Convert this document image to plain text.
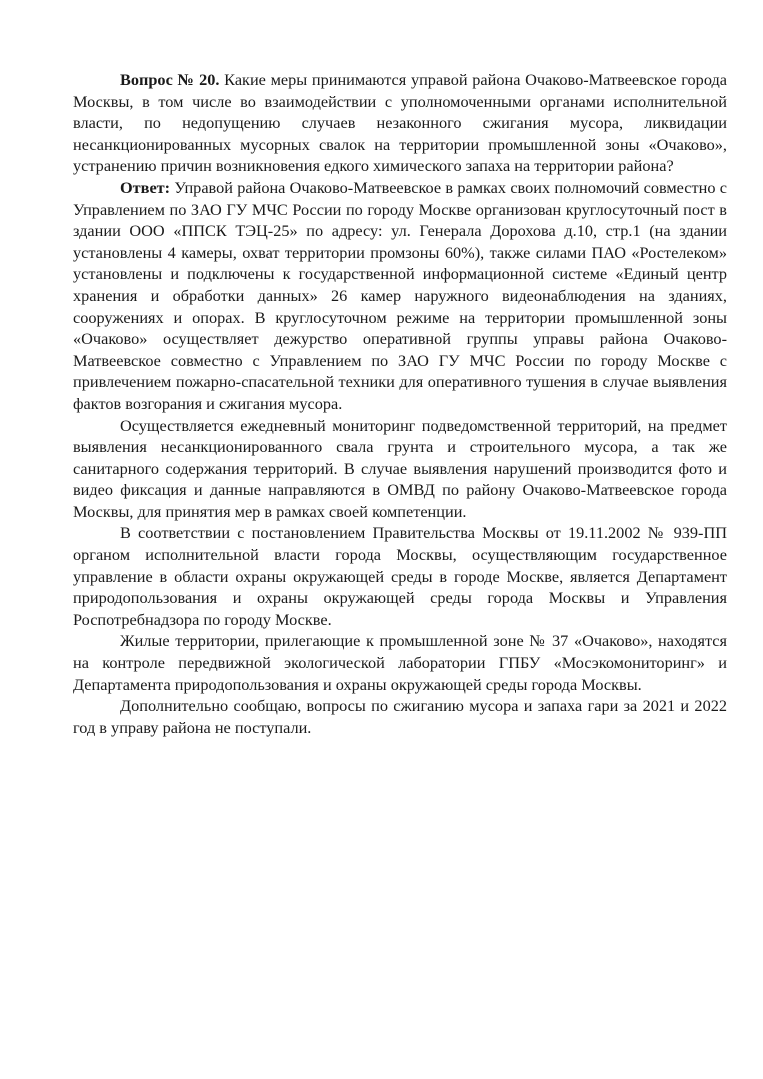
Вопрос № 20. Какие меры принимаются управой района Очаково-Матвеевское города Москвы, в том числе во взаимодействии с уполномоченными органами исполнительной власти, по недопущению случаев незаконного сжигания мусора, ликвидации несанкционированных мусорных свалок на территории промышленной зоны «Очаково», устранению причин возникновения едкого химического запаха на территории района?

Ответ: Управой района Очаково-Матвеевское в рамках своих полномочий совместно с Управлением по ЗАО ГУ МЧС России по городу Москве организован круглосуточный пост в здании ООО «ППСК ТЭЦ-25» по адресу: ул. Генерала Дорохова д.10, стр.1 (на здании установлены 4 камеры, охват территории промзоны 60%), также силами ПАО «Ростелеком» установлены и подключены к государственной информационной системе «Единый центр хранения и обработки данных» 26 камер наружного видеонаблюдения на зданиях, сооружениях и опорах. В круглосуточном режиме на территории промышленной зоны «Очаково» осуществляет дежурство оперативной группы управы района Очаково-Матвеевское совместно с Управлением по ЗАО ГУ МЧС России по городу Москве с привлечением пожарно-спасательной техники для оперативного тушения в случае выявления фактов возгорания и сжигания мусора.

Осуществляется ежедневный мониторинг подведомственной территорий, на предмет выявления несанкционированного свала грунта и строительного мусора, а так же санитарного содержания территорий. В случае выявления нарушений производится фото и видео фиксация и данные направляются в ОМВД по району Очаково-Матвеевское города Москвы, для принятия мер в рамках своей компетенции.

В соответствии с постановлением Правительства Москвы от 19.11.2002 № 939-ПП органом исполнительной власти города Москвы, осуществляющим государственное управление в области охраны окружающей среды в городе Москве, является Департамент природопользования и охраны окружающей среды города Москвы и Управления Роспотребнадзора по городу Москве.

Жилые территории, прилегающие к промышленной зоне № 37 «Очаково», находятся на контроле передвижной экологической лаборатории ГПБУ «Мосэкомониторинг» и Департамента природопользования и охраны окружающей среды города Москвы.

Дополнительно сообщаю, вопросы по сжиганию мусора и запаха гари за 2021 и 2022 год в управу района не поступали.
